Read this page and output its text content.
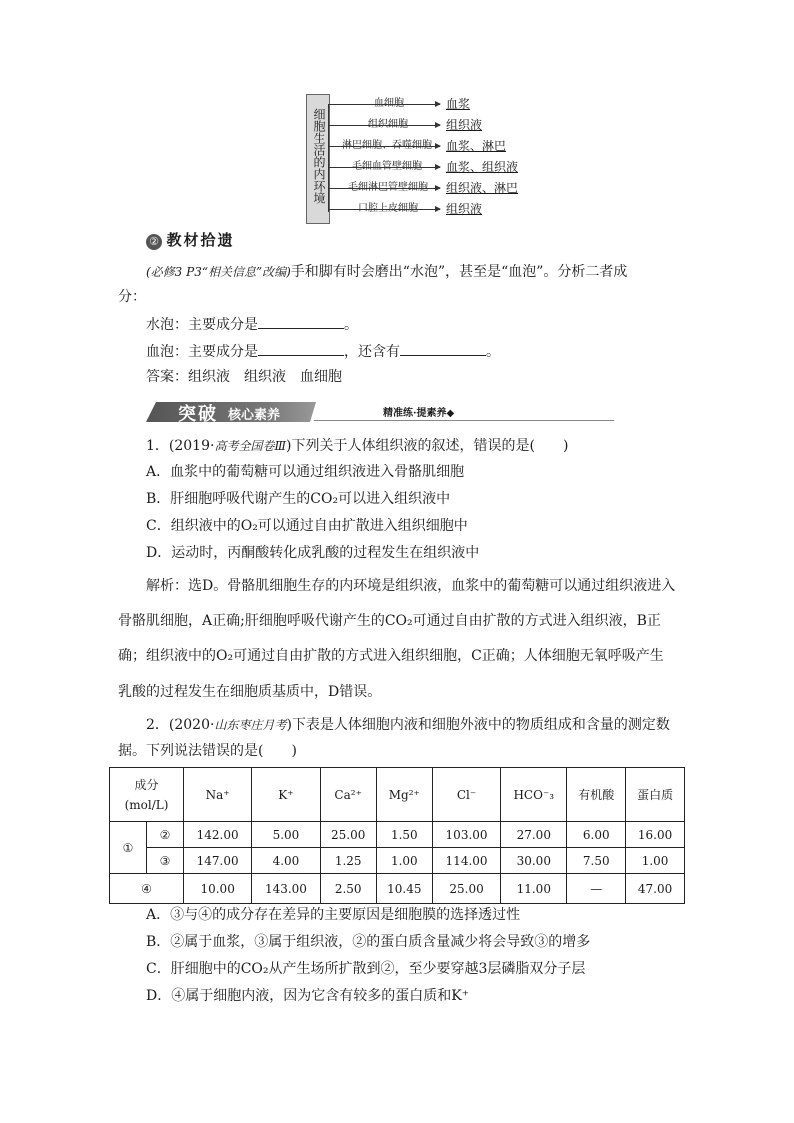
细胞生活的内环境
血浆
组织液
血浆、淋巴
血浆、组织液
组织液、淋巴
组织液
② 教材拾遗
(必修3 P3“相关信息”改编)手和脚有时会磨出“水泡”，甚至是“血泡”。分析二者成
分：
水泡：主要成分是	。
血泡：主要成分是	，还含有	。
答案：组织液　组织液　血细胞
突破 核心素养	精准练·提素养◆
1．(2019·高考全国卷Ⅲ)下列关于人体组织液的叙述，错误的是(　　)
A．血浆中的葡萄糖可以通过组织液进入骨骼肌细胞
B．肝细胞呼吸代谢产生的CO₂可以进入组织液中
C．组织液中的O₂可以通过自由扩散进入组织细胞中
D．运动时，丙酮酸转化成乳酸的过程发生在组织液中
解析：选D。骨骼肌细胞生存的内环境是组织液，血浆中的葡萄糖可以通过组织液进入
骨骼肌细胞，A正确;肝细胞呼吸代谢产生的CO₂可通过自由扩散的方式进入组织液，B正
确；组织液中的O₂可通过自由扩散的方式进入组织细胞，C正确；人体细胞无氧呼吸产生
乳酸的过程发生在细胞质基质中，D错误。
2．(2020·山东枣庄月考)下表是人体细胞内液和细胞外液中的物质组成和含量的测定数
据。下列说法错误的是(　　)
成分
(mol/L)		Na⁺	K⁺	Ca²⁺	Mg²⁺	Cl⁻	HCO⁻₃	有机酸	蛋白质
①	②	142.00	5.00	25.00	1.50	103.00	27.00	6.00	16.00
	③	147.00	4.00	1.25	1.00	114.00	30.00	7.50	1.00
④		10.00	143.00	2.50	10.45	25.00	11.00	—	47.00
A．③与④的成分存在差异的主要原因是细胞膜的选择透过性
B．②属于血浆，③属于组织液，②的蛋白质含量减少将会导致③的增多
C．肝细胞中的CO₂从产生场所扩散到②，至少要穿越3层磷脂双分子层
D．④属于细胞内液，因为它含有较多的蛋白质和K⁺
